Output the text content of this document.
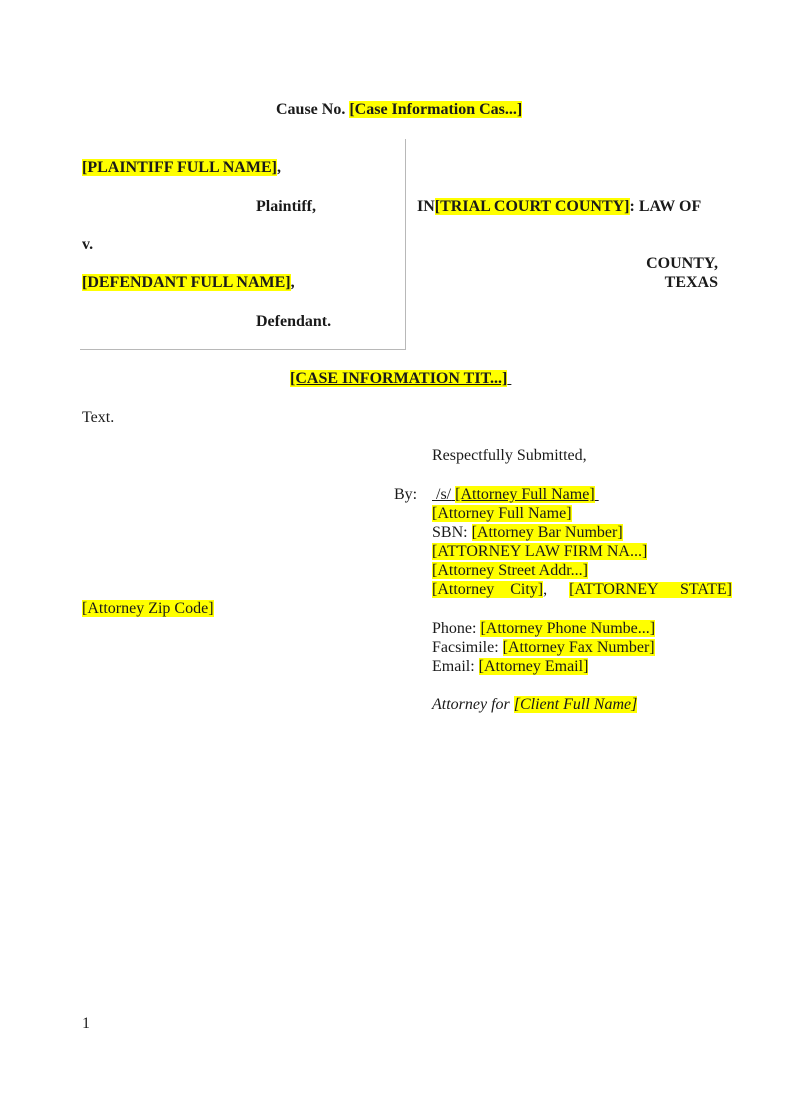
Cause No. [Case Information Cas...]
[PLAINTIFF FULL NAME],
Plaintiff,
v.
[DEFENDANT FULL NAME],
Defendant.
IN[TRIAL COURT COUNTY]: LAW OF
COUNTY,
TEXAS
[CASE INFORMATION TIT...]
Text.
Respectfully Submitted,
By: /s/ [Attorney Full Name]
[Attorney Full Name]
SBN: [Attorney Bar Number]
[ATTORNEY LAW FIRM NA...]
[Attorney Street Addr...]
[Attorney City], [ATTORNEY STATE]
[Attorney Zip Code]
Phone: [Attorney Phone Numbe...]
Facsimile: [Attorney Fax Number]
Email: [Attorney Email]
Attorney for [Client Full Name]
1
